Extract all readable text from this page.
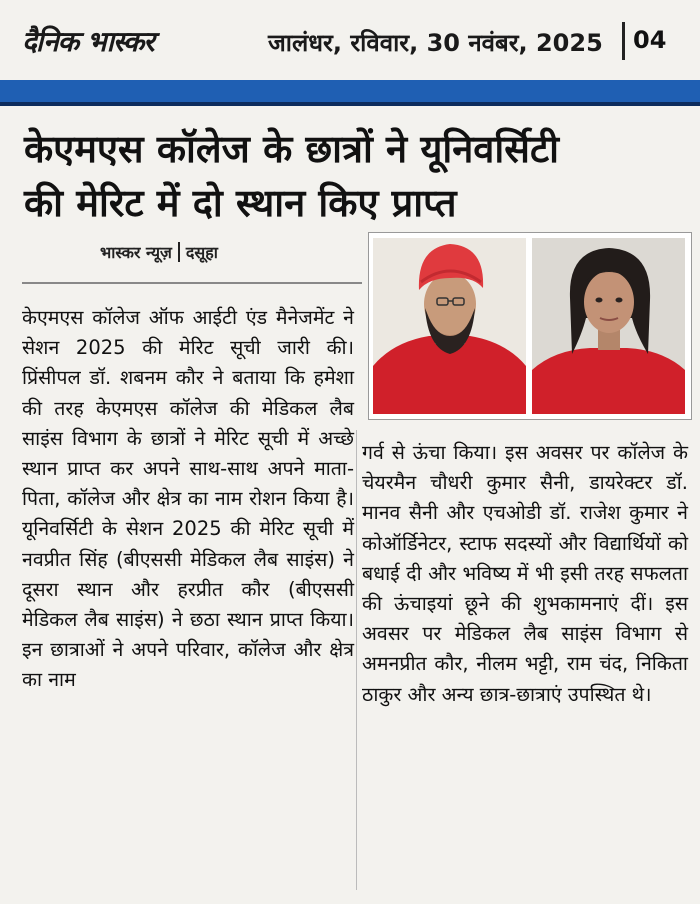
दैनिक भास्कर	जालंधर, रविवार, 30 नवंबर, 2025 04
केएमएस कॉलेज के छात्रों ने यूनिवर्सिटी
की मेरिट में दो स्थान किए प्राप्त
भास्कर न्यूज़ दसूहा
केएमएस कॉलेज ऑफ आईटी एंड मैनेजमेंट ने सेशन 2025 की मेरिट सूची जारी की। प्रिंसीपल डॉ. शबनम कौर ने बताया कि हमेशा की तरह केएमएस कॉलेज की मेडिकल लैब साइंस विभाग के छात्रों ने मेरिट सूची में अच्छे स्थान प्राप्त कर अपने साथ-साथ अपने माता-पिता, कॉलेज और क्षेत्र का नाम रोशन किया है। यूनिवर्सिटी के सेशन 2025 की मेरिट सूची में नवप्रीत सिंह (बीएससी मेडिकल लैब साइंस) ने दूसरा स्थान और हरप्रीत कौर (बीएससी मेडिकल लैब साइंस) ने छठा स्थान प्राप्त किया। इन छात्राओं ने अपने परिवार, कॉलेज और क्षेत्र का नाम
गर्व से ऊंचा किया। इस अवसर पर कॉलेज के चेयरमैन चौधरी कुमार सैनी, डायरेक्टर डॉ. मानव सैनी और एचओडी डॉ. राजेश कुमार ने कोऑर्डिनेटर, स्टाफ सदस्यों और विद्यार्थियों को बधाई दी और भविष्य में भी इसी तरह सफलता की ऊंचाइयां छूने की शुभकामनाएं दीं। इस अवसर पर मेडिकल लैब साइंस विभाग से अमनप्रीत कौर, नीलम भट्टी, राम चंद, निकिता ठाकुर और अन्य छात्र-छात्राएं उपस्थित थे।
